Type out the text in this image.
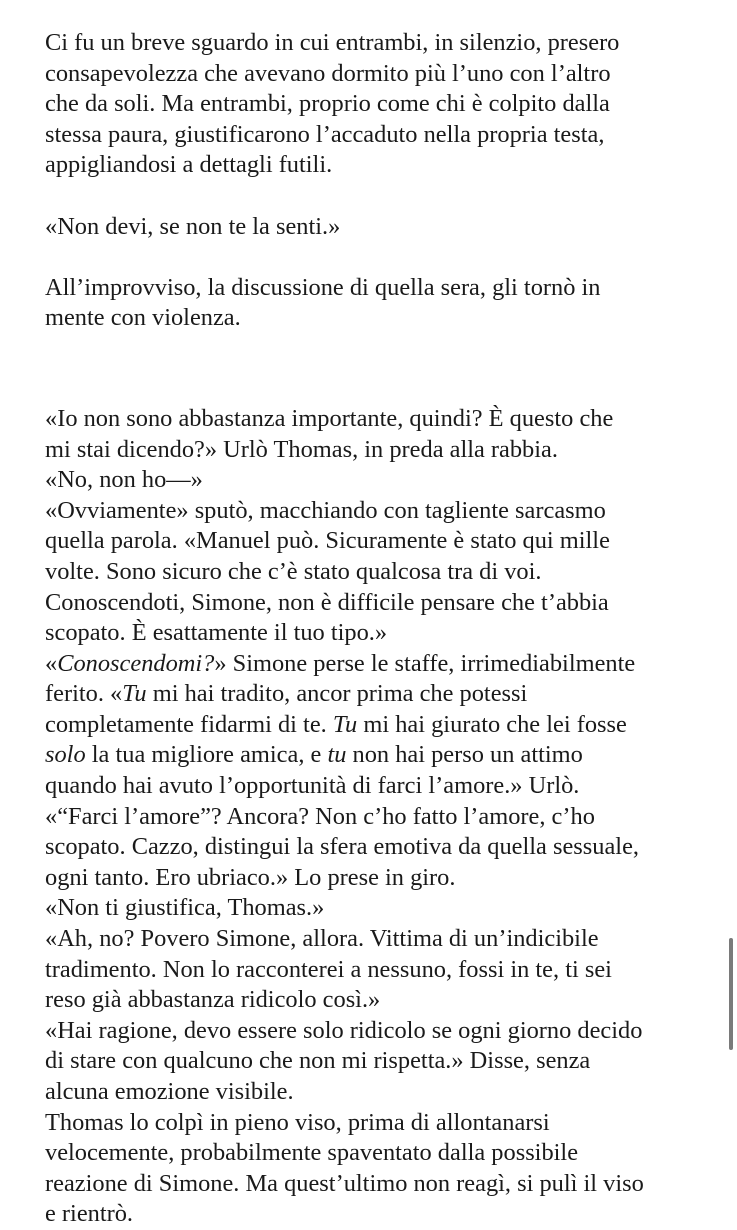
Ci fu un breve sguardo in cui entrambi, in silenzio, presero
consapevolezza che avevano dormito più l’uno con l’altro
che da soli. Ma entrambi, proprio come chi è colpito dalla
stessa paura, giustificarono l’accaduto nella propria testa,
appigliandosi a dettagli futili.
«Non devi, se non te la senti.»
All’improvviso, la discussione di quella sera, gli tornò in
mente con violenza.
«Io non sono abbastanza importante, quindi? È questo che
mi stai dicendo?» Urlò Thomas, in preda alla rabbia.
«No, non ho—»
«Ovviamente» sputò, macchiando con tagliente sarcasmo
quella parola. «Manuel può. Sicuramente è stato qui mille
volte. Sono sicuro che c’è stato qualcosa tra di voi.
Conoscendoti, Simone, non è difficile pensare che t’abbia
scopato. È esattamente il tuo tipo.»
«Conoscendomi?» Simone perse le staffe, irrimediabilmente
ferito. «Tu mi hai tradito, ancor prima che potessi
completamente fidarmi di te. Tu mi hai giurato che lei fosse
solo la tua migliore amica, e tu non hai perso un attimo
quando hai avuto l’opportunità di farci l’amore.» Urlò.
«“Farci l’amore”? Ancora? Non c’ho fatto l’amore, c’ho
scopato. Cazzo, distingui la sfera emotiva da quella sessuale,
ogni tanto. Ero ubriaco.» Lo prese in giro.
«Non ti giustifica, Thomas.»
«Ah, no? Povero Simone, allora. Vittima di un’indicibile
tradimento. Non lo racconterei a nessuno, fossi in te, ti sei
reso già abbastanza ridicolo così.»
«Hai ragione, devo essere solo ridicolo se ogni giorno decido
di stare con qualcuno che non mi rispetta.» Disse, senza
alcuna emozione visibile.
Thomas lo colpì in pieno viso, prima di allontanarsi
velocemente, probabilmente spaventato dalla possibile
reazione di Simone. Ma quest’ultimo non reagì, si pulì il viso
e rientrò.
